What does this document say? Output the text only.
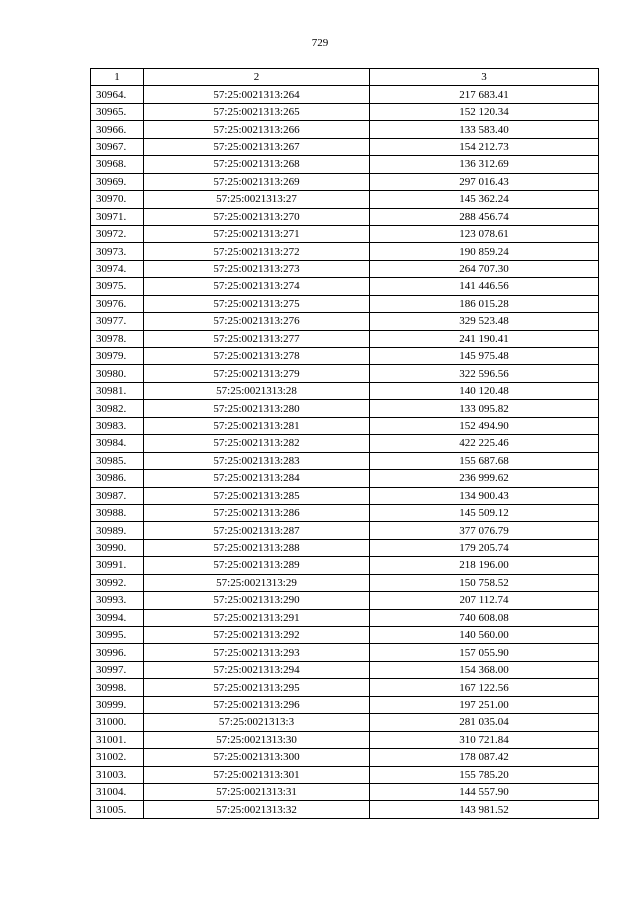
729
1	2	3
30964.	57:25:0021313:264	217 683.41
30965.	57:25:0021313:265	152 120.34
30966.	57:25:0021313:266	133 583.40
30967.	57:25:0021313:267	154 212.73
30968.	57:25:0021313:268	136 312.69
30969.	57:25:0021313:269	297 016.43
30970.	57:25:0021313:27	145 362.24
30971.	57:25:0021313:270	288 456.74
30972.	57:25:0021313:271	123 078.61
30973.	57:25:0021313:272	190 859.24
30974.	57:25:0021313:273	264 707.30
30975.	57:25:0021313:274	141 446.56
30976.	57:25:0021313:275	186 015.28
30977.	57:25:0021313:276	329 523.48
30978.	57:25:0021313:277	241 190.41
30979.	57:25:0021313:278	145 975.48
30980.	57:25:0021313:279	322 596.56
30981.	57:25:0021313:28	140 120.48
30982.	57:25:0021313:280	133 095.82
30983.	57:25:0021313:281	152 494.90
30984.	57:25:0021313:282	422 225.46
30985.	57:25:0021313:283	155 687.68
30986.	57:25:0021313:284	236 999.62
30987.	57:25:0021313:285	134 900.43
30988.	57:25:0021313:286	145 509.12
30989.	57:25:0021313:287	377 076.79
30990.	57:25:0021313:288	179 205.74
30991.	57:25:0021313:289	218 196.00
30992.	57:25:0021313:29	150 758.52
30993.	57:25:0021313:290	207 112.74
30994.	57:25:0021313:291	740 608.08
30995.	57:25:0021313:292	140 560.00
30996.	57:25:0021313:293	157 055.90
30997.	57:25:0021313:294	154 368.00
30998.	57:25:0021313:295	167 122.56
30999.	57:25:0021313:296	197 251.00
31000.	57:25:0021313:3	281 035.04
31001.	57:25:0021313:30	310 721.84
31002.	57:25:0021313:300	178 087.42
31003.	57:25:0021313:301	155 785.20
31004.	57:25:0021313:31	144 557.90
31005.	57:25:0021313:32	143 981.52
